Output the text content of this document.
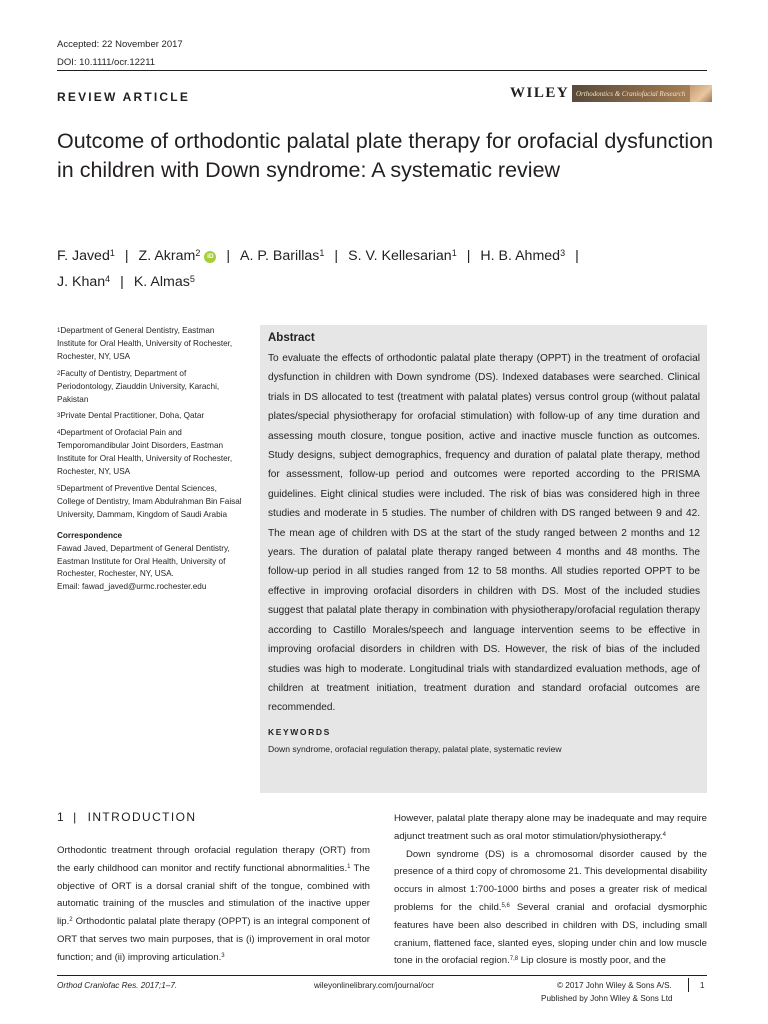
Accepted: 22 November 2017
DOI: 10.1111/ocr.12211
REVIEW ARTICLE	WILEY Orthodontics & Craniofacial Research
Outcome of orthodontic palatal plate therapy for orofacial dysfunction in children with Down syndrome: A systematic review
F. Javed$^1$ | Z. Akram$^2$ iD | A. P. Barillas$^1$ | S. V. Kellesarian$^1$ | H. B. Ahmed$^3$ |
J. Khan$^4$ | K. Almas$^5$
$^1$Department of General Dentistry, Eastman Institute for Oral Health, University of Rochester, Rochester, NY, USA
$^2$Faculty of Dentistry, Department of Periodontology, Ziauddin University, Karachi, Pakistan
$^3$Private Dental Practitioner, Doha, Qatar
$^4$Department of Orofacial Pain and Temporomandibular Joint Disorders, Eastman Institute for Oral Health, University of Rochester, Rochester, NY, USA
$^5$Department of Preventive Dental Sciences, College of Dentistry, Imam Abdulrahman Bin Faisal University, Dammam, Kingdom of Saudi Arabia
Correspondence
Fawad Javed, Department of General Dentistry, Eastman Institute for Oral Health, University of Rochester, Rochester, NY, USA.
Email: fawad_javed@urmc.rochester.edu
Abstract
To evaluate the effects of orthodontic palatal plate therapy (OPPT) in the treatment of orofacial dysfunction in children with Down syndrome (DS). Indexed databases were searched. Clinical trials in DS allocated to test (treatment with palatal plates) versus control group (without palatal plates/special physiotherapy for orofacial stimulation) with follow-up of any time duration and assessing mouth closure, tongue position, active and inactive muscle function as outcomes. Study designs, subject demographics, frequency and duration of palatal plate therapy, method for assessment, follow-up period and outcomes were reported according to the PRISMA guidelines. Eight clinical studies were included. The risk of bias was considered high in three studies and moderate in 5 studies. The number of children with DS ranged between 9 and 42. The mean age of children with DS at the start of the study ranged between 2 months and 12 years. The duration of palatal plate therapy ranged between 4 months and 48 months. The follow-up period in all studies ranged from 12 to 58 months. All studies reported OPPT to be effective in improving orofacial disorders in children with DS. Most of the included studies suggest that palatal plate therapy in combination with physiotherapy/orofacial regulation therapy according to Castillo Morales/speech and language intervention seems to be effective in improving orofacial disorders in children with DS. However, the risk of bias of the included studies was high to moderate. Longitudinal trials with standardized evaluation methods, age of children at treatment initiation, treatment duration and standard orofacial outcomes are recommended.
KEYWORDS
Down syndrome, orofacial regulation therapy, palatal plate, systematic review
1 | INTRODUCTION
Orthodontic treatment through orofacial regulation therapy (ORT) from the early childhood can monitor and rectify functional abnormalities.$^1$ The objective of ORT is a dorsal cranial shift of the tongue, combined with automatic training of the muscles and stimulation of the inactive upper lip.$^2$ Orthodontic palatal plate therapy (OPPT) is an integral component of ORT that serves two main purposes, that is (i) improvement in oral motor function; and (ii) improving articulation.$^3$
However, palatal plate therapy alone may be inadequate and may require adjunct treatment such as oral motor stimulation/physiotherapy.$^4$
Down syndrome (DS) is a chromosomal disorder caused by the presence of a third copy of chromosome 21. This developmental disability occurs in almost 1:700-1000 births and poses a greater risk of medical problems for the child.$^{5,6}$ Several cranial and orofacial dysmorphic features have been also described in children with DS, including small cranium, flattened face, slanted eyes, sloping under chin and low muscle tone in the orofacial region.$^{7,8}$ Lip closure is mostly poor, and the
Orthod Craniofac Res. 2017;1–7.	wileyonlinelibrary.com/journal/ocr	© 2017 John Wiley & Sons A/S.	1
Published by John Wiley & Sons Ltd
